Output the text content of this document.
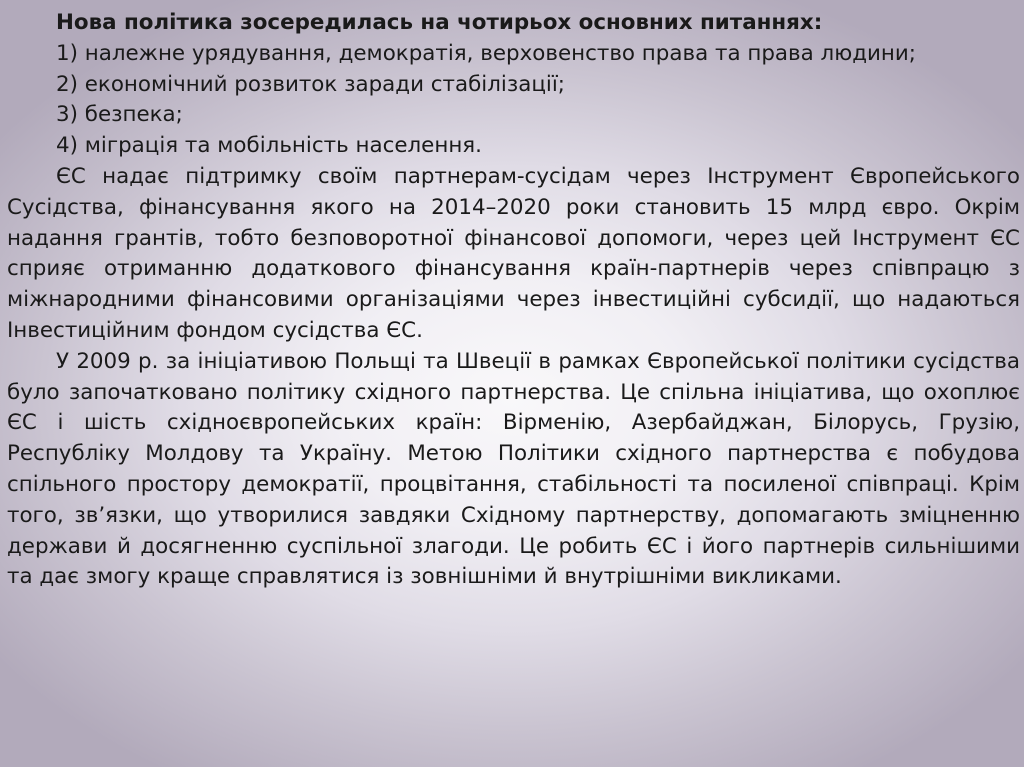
Нова політика зосередилась на чотирьох основних питаннях:

1) належне урядування, демократія, верховенство права та права людини;

2) економічний розвиток заради стабілізації;

3) безпека;

4) міграція та мобільність населення.

ЄС надає підтримку своїм партнерам-сусідам через Інструмент Європейського Сусідства, фінансування якого на 2014–2020 роки становить 15 млрд євро. Окрім надання грантів, тобто безповоротної фінансової допомоги, через цей Інструмент ЄС сприяє отриманню додаткового фінансування країн-партнерів через співпрацю з міжнародними фінансовими організаціями через інвестиційні субсидії, що надаються Інвестиційним фондом сусідства ЄС.

У 2009 р. за ініціативою Польщі та Швеції в рамках Європейської політики сусідства було започатковано політику східного партнерства. Це спільна ініціатива, що охоплює ЄС і шість східноєвропейських країн: Вірменію, Азербайджан, Білорусь, Грузію, Республіку Молдову та Україну. Метою Політики східного партнерства є побудова спільного простору демократії, процвітання, стабільності та посиленої співпраці. Крім того, зв’язки, що утворилися завдяки Східному партнерству, допомагають зміцненню держави й досягненню суспільної злагоди. Це робить ЄС і його партнерів сильнішими та дає змогу краще справлятися із зовнішніми й внутрішніми викликами.
